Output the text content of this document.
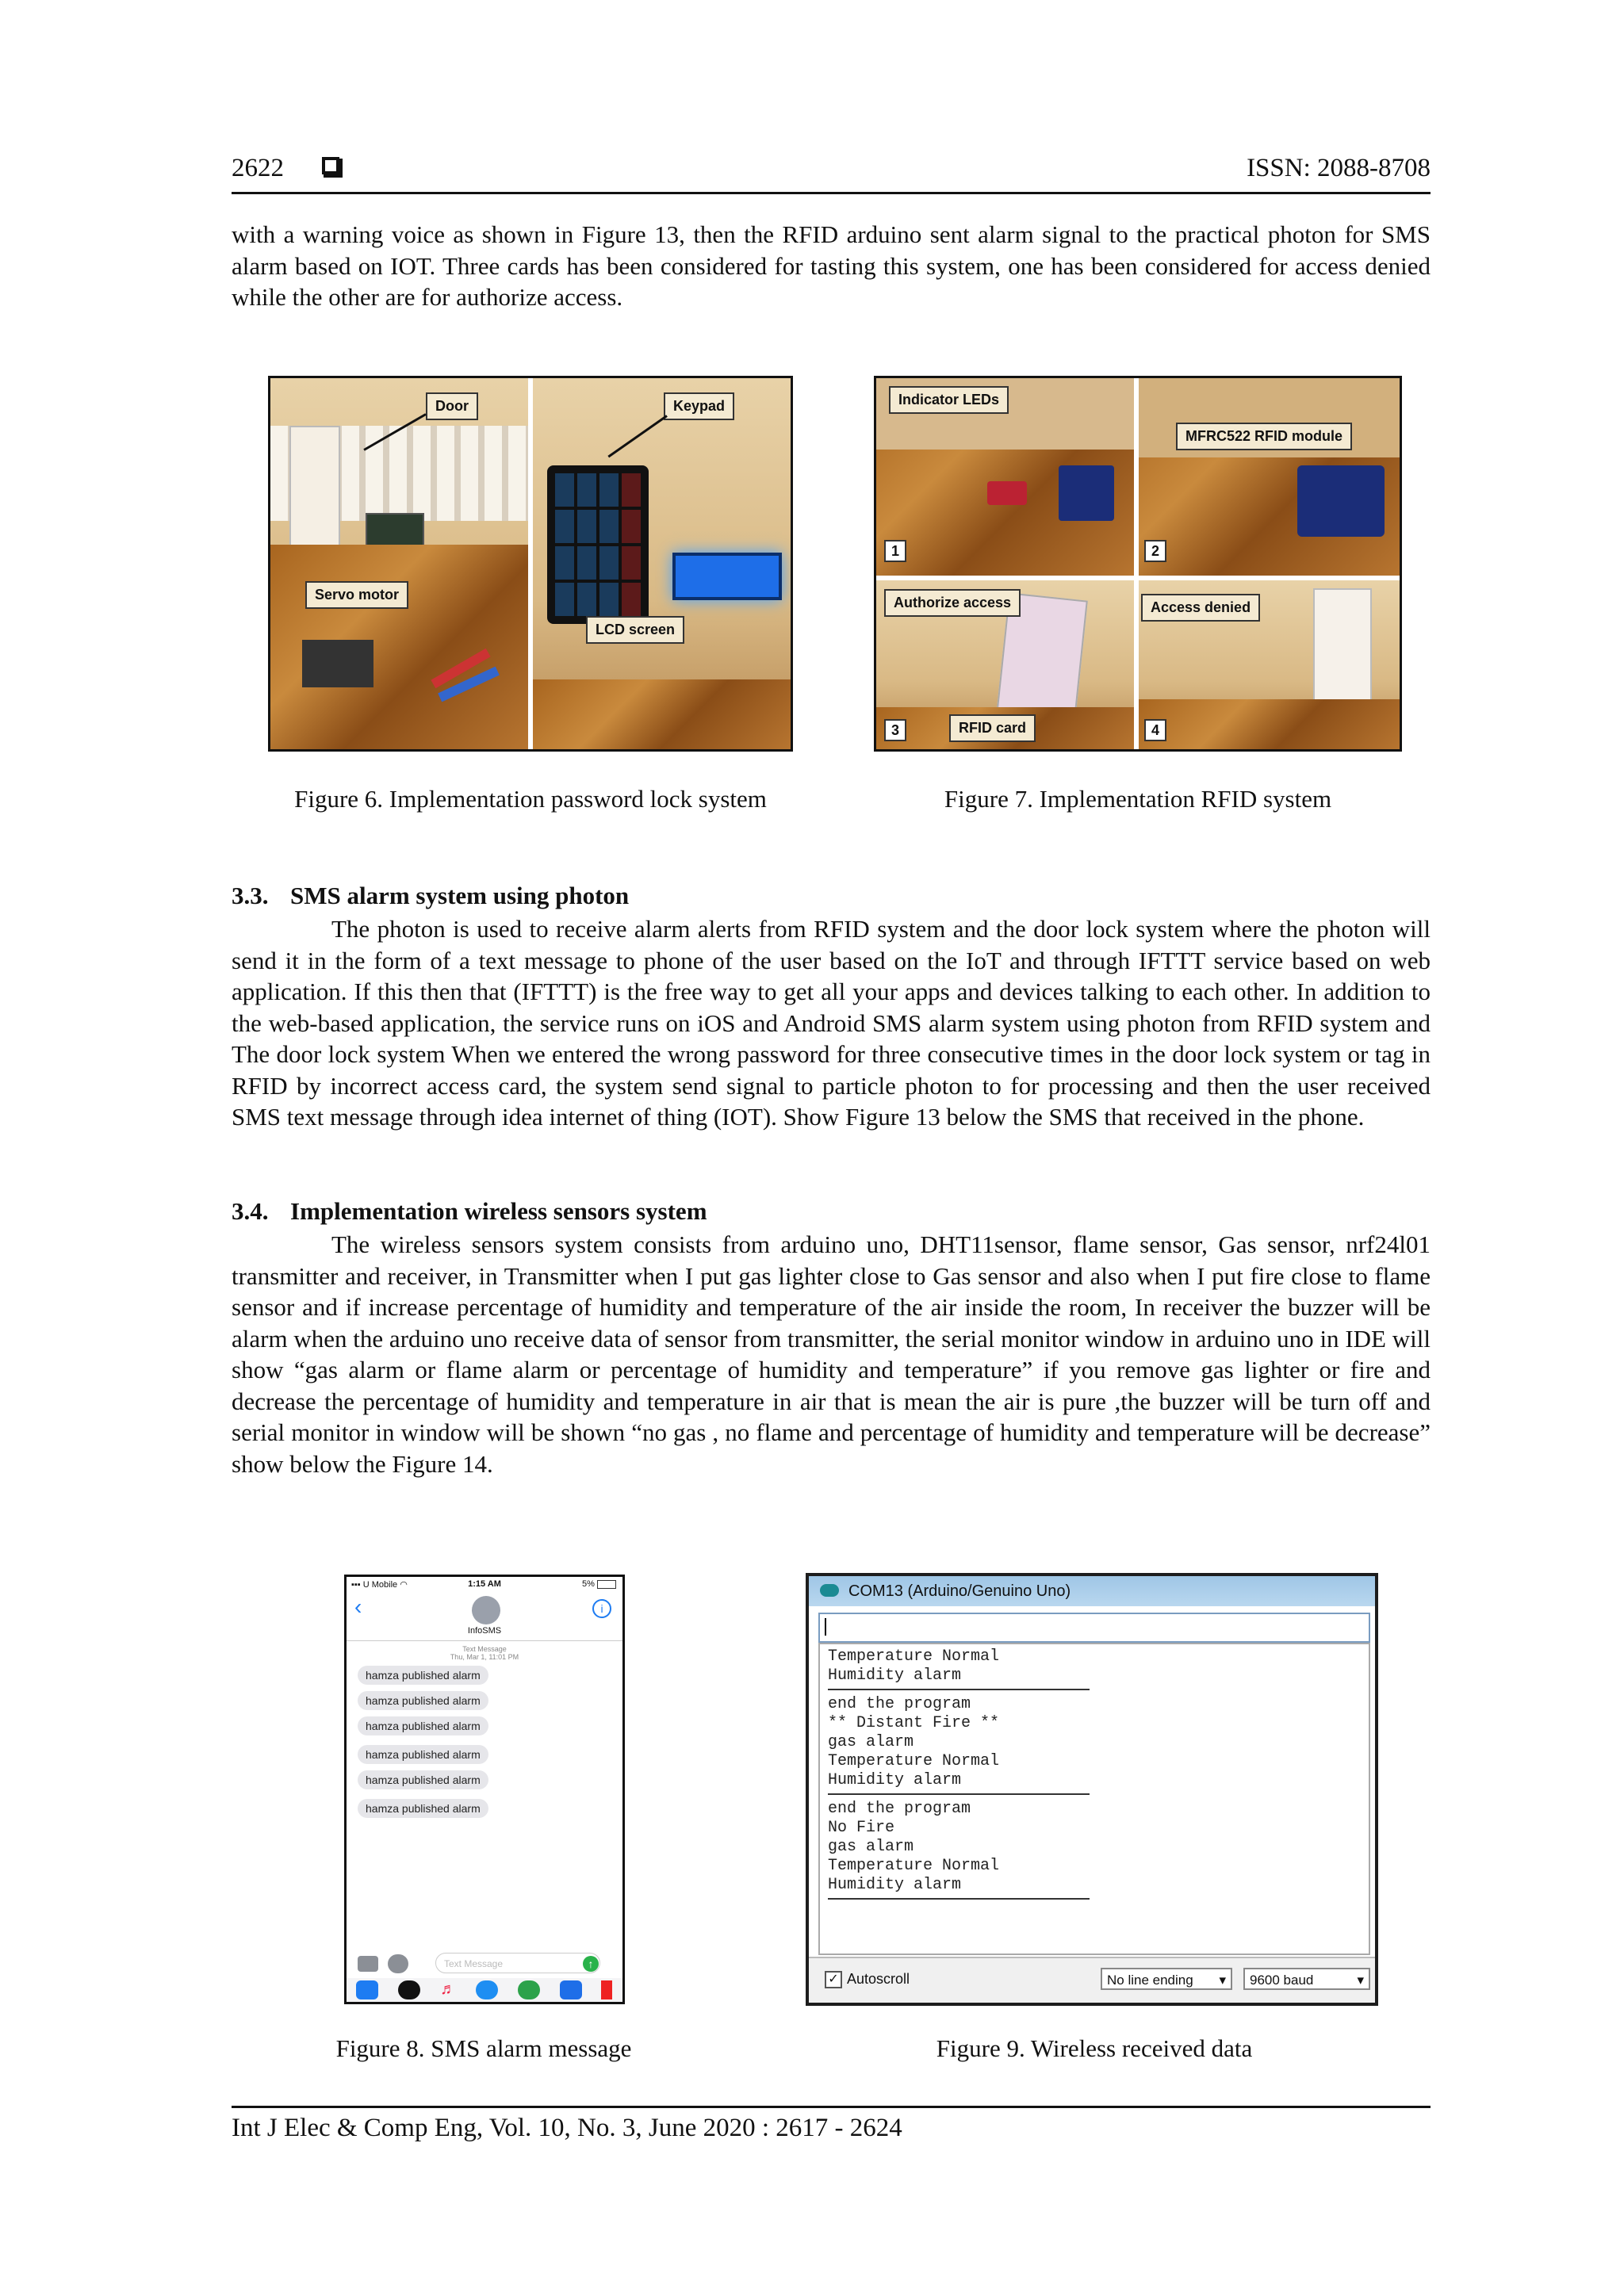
2622	ISSN: 2088-8708
with a warning voice as shown in Figure 13, then the RFID arduino sent alarm signal to the practical photon for SMS alarm based on IOT. Three cards has been considered for tasting this system, one has been considered for access denied while the other are for authorize access.
Door	Keypad
Servo motor
LCD screen
Figure 6. Implementation password lock system
Indicator LEDs
MFRC522 RFID module
Authorize access	Access denied
RFID card
1	2
3	4
Figure 7. Implementation RFID system
3.3. SMS alarm system using photon
The photon is used to receive alarm alerts from RFID system and the door lock system where the photon will send it in the form of a text message to phone of the user based on the IoT and through IFTTT service based on web application. If this then that (IFTTT) is the free way to get all your apps and devices talking to each other. In addition to the web-based application, the service runs on iOS and Android SMS alarm system using photon from RFID system and The door lock system When we entered the wrong password for three consecutive times in the door lock system or tag in RFID by incorrect access card, the system send signal to particle photon to for processing and then the user received SMS text message through idea internet of thing (IOT). Show Figure 13 below the SMS that received in the phone.
3.4. Implementation wireless sensors system
The wireless sensors system consists from arduino uno, DHT11sensor, flame sensor, Gas sensor, nrf24l01 transmitter and receiver, in Transmitter when I put gas lighter close to Gas sensor and also when I put fire close to flame sensor and if increase percentage of humidity and temperature of the air inside the room, In receiver the buzzer will be alarm when the arduino uno receive data of sensor from transmitter, the serial monitor window in arduino uno in IDE will show “gas alarm or flame alarm or percentage of humidity and temperature” if you remove gas lighter or fire and decrease the percentage of humidity and temperature in air that is mean the air is pure ,the buzzer will be turn off and serial monitor in window will be shown “no gas , no flame and percentage of humidity and temperature will be decrease” show below the Figure 14.
▪▪▪ U Mobile ◠	1:15 AM	5%
‹	i
InfoSMS
Text Message
Thu, Mar 1, 11:01 PM
hamza published alarm
hamza published alarm
hamza published alarm
hamza published alarm
hamza published alarm
hamza published alarm
Text Message	↑
♬
Figure 8. SMS alarm message
COM13 (Arduino/Genuino Uno)
Temperature Normal
Humidity alarm
end the program
** Distant Fire **
gas alarm
Temperature Normal
Humidity alarm
end the program
No Fire
gas alarm
Temperature Normal
Humidity alarm
✓ Autoscroll	No line ending ▾	9600 baud ▾
Figure 9. Wireless received data
Int J Elec & Comp Eng, Vol. 10, No. 3, June 2020 : 2617 - 2624
